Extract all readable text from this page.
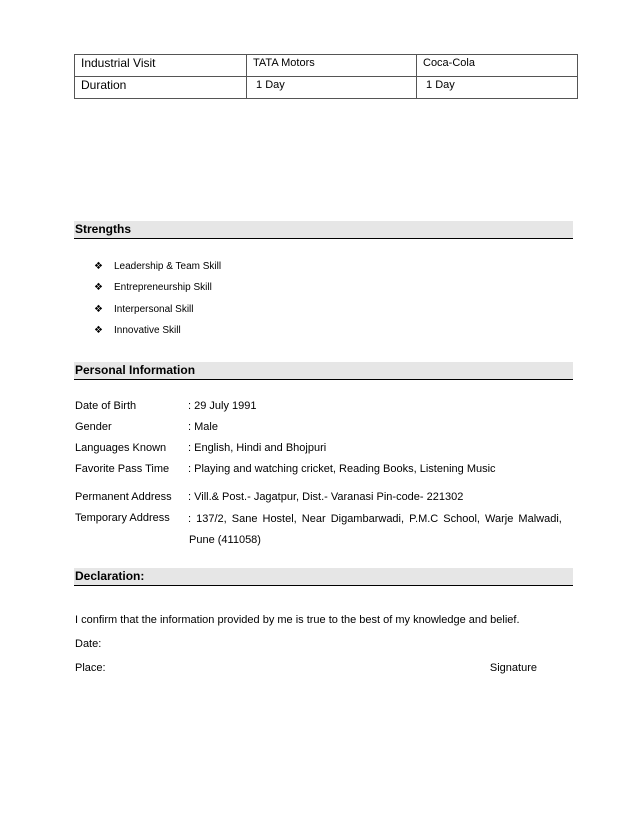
Industrial Visit	TATA Motors	Coca-Cola
Duration	1 Day	1 Day
Strengths
❖	Leadership & Team Skill
❖	Entrepreneurship Skill
❖	Interpersonal Skill
❖	Innovative Skill
Personal Information
Date of Birth	: 29 July 1991
Gender	: Male
Languages Known	: English, Hindi and Bhojpuri
Favorite Pass Time	: Playing and watching cricket, Reading Books, Listening Music
Permanent Address	: Vill.& Post.- Jagatpur, Dist.- Varanasi Pin-code- 221302
Temporary Address	: 137/2, Sane Hostel, Near Digambarwadi, P.M.C School, Warje Malwadi,
Pune (411058)
Declaration:
I confirm that the information provided by me is true to the best of my knowledge and belief.
Date:
Place:	Signature
